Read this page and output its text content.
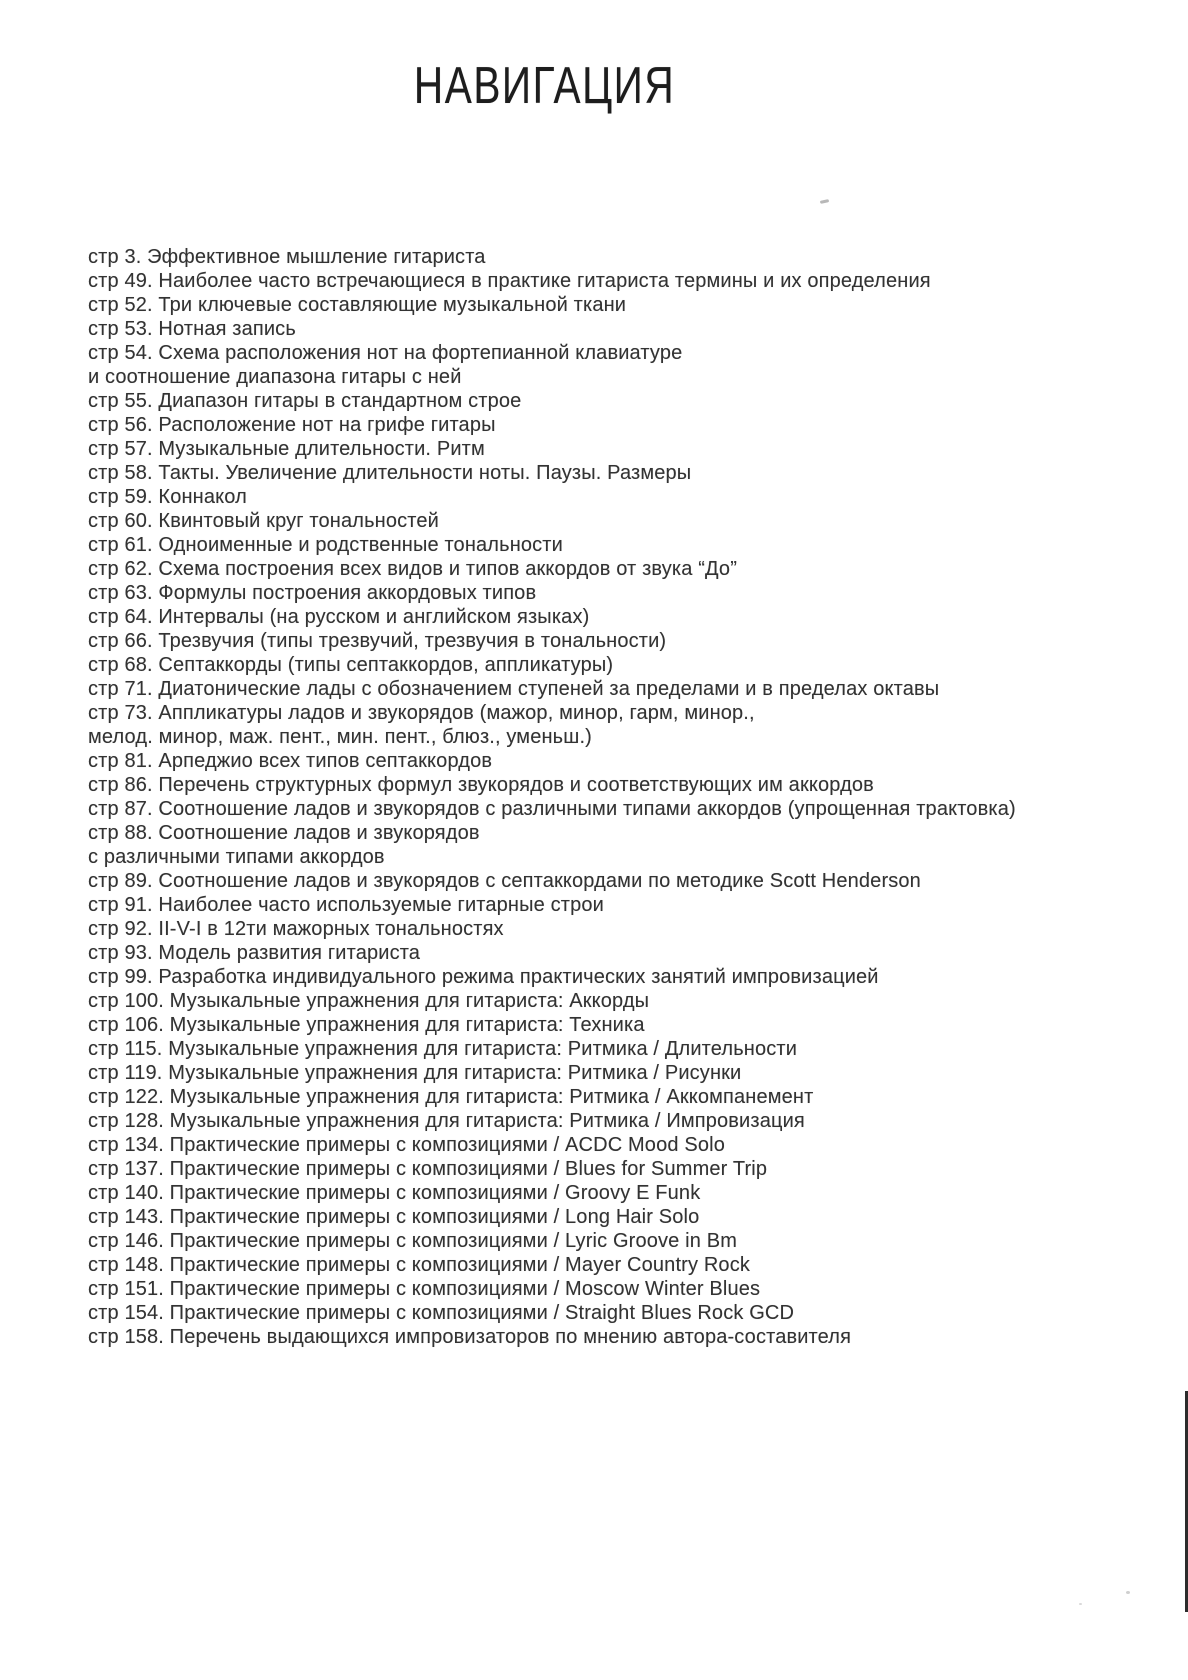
НАВИГАЦИЯ
стр 3. Эффективное мышление гитариста
стр 49. Наиболее часто встречающиеся в практике гитариста термины и их определения
стр 52. Три ключевые составляющие музыкальной ткани
стр 53. Нотная запись
стр 54. Схема расположения нот на фортепианной клавиатуре
и соотношение диапазона гитары с ней
стр 55. Диапазон гитары в стандартном строе
стр 56. Расположение нот на грифе гитары
стр 57. Музыкальные длительности. Ритм
стр 58. Такты. Увеличение длительности ноты. Паузы. Размеры
стр 59. Коннакол
стр 60. Квинтовый круг тональностей
стр 61. Одноименные и родственные тональности
стр 62. Схема построения всех видов и типов аккордов от звука “До”
стр 63. Формулы построения аккордовых типов
стр 64. Интервалы (на русском и английском языках)
стр 66. Трезвучия (типы трезвучий, трезвучия в тональности)
стр 68. Септаккорды (типы септаккордов, аппликатуры)
стр 71. Диатонические лады с обозначением ступеней за пределами и в пределах октавы
стр 73. Аппликатуры ладов и звукорядов (мажор, минор, гарм, минор.,
мелод. минор, маж. пент., мин. пент., блюз., уменьш.)
стр 81. Арпеджио всех типов септаккордов
стр 86. Перечень структурных формул звукорядов и соответствующих им аккордов
стр 87. Соотношение ладов и звукорядов с различными типами аккордов (упрощенная трактовка)
стр 88. Соотношение ладов и звукорядов
с различными типами аккордов
стр 89. Соотношение ладов и звукорядов с септаккордами по методике Scott Henderson
стр 91. Наиболее часто используемые гитарные строи
стр 92. II-V-I в 12ти мажорных тональностях
стр 93. Модель развития гитариста
стр 99. Разработка индивидуального режима практических занятий импровизацией
стр 100. Музыкальные упражнения для гитариста: Аккорды
стр 106. Музыкальные упражнения для гитариста: Техника
стр 115. Музыкальные упражнения для гитариста: Ритмика / Длительности
стр 119. Музыкальные упражнения для гитариста: Ритмика / Рисунки
стр 122. Музыкальные упражнения для гитариста: Ритмика / Аккомпанемент
стр 128. Музыкальные упражнения для гитариста: Ритмика / Импровизация
стр 134. Практические примеры с композициями / ACDC Mood Solo
стр 137. Практические примеры с композициями / Blues for Summer Trip
стр 140. Практические примеры с композициями / Groovy E Funk
стр 143. Практические примеры с композициями / Long Hair Solo
стр 146. Практические примеры с композициями / Lyric Groove in Bm
стр 148. Практические примеры с композициями / Mayer Country Rock
стр 151. Практические примеры с композициями / Moscow Winter Blues
стр 154. Практические примеры с композициями / Straight Blues Rock GCD
стр 158. Перечень выдающихся импровизаторов по мнению автора-составителя
